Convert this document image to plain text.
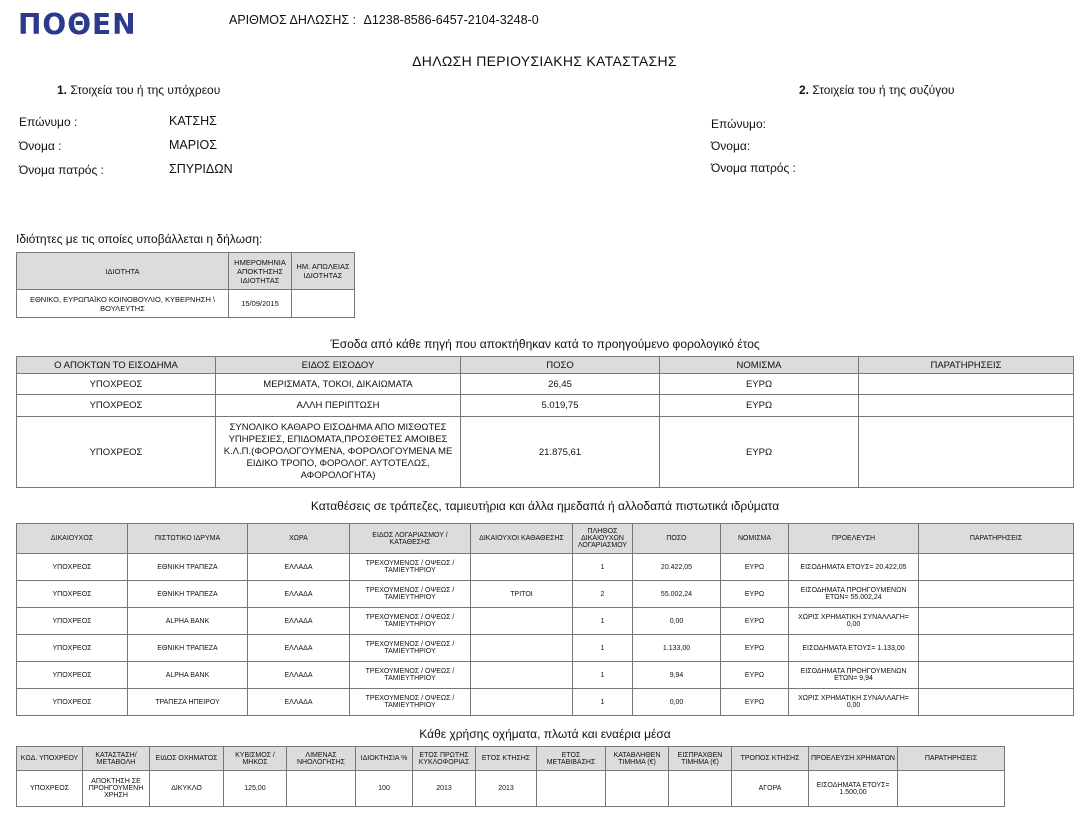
ΠΟΘΕΝ	ΑΡΙΘΜΟΣ ΔΗΛΩΣΗΣ : Δ1238-8586-6457-2104-3248-0
ΔΗΛΩΣΗ ΠΕΡΙΟΥΣΙΑΚΗΣ ΚΑΤΑΣΤΑΣΗΣ
1. Στοιχεία του ή της υπόχρεου
Επώνυμο :	ΚΑΤΣΗΣ
Όνομα :	ΜΑΡΙΟΣ
Όνομα πατρός :	ΣΠΥΡΙΔΩΝ
2. Στοιχεία του ή της συζύγου
Επώνυμο:
Όνομα:
Όνομα πατρός :
Ιδιότητες με τις οποίες υποβάλλεται η δήλωση:
ΙΔΙΟΤΗΤΑ	ΗΜΕΡΟΜΗΝΙΑ ΑΠΟΚΤΗΣΗΣ ΙΔΙΟΤΗΤΑΣ	ΗΜ. ΑΠΩΛΕΙΑΣ ΙΔΙΟΤΗΤΑΣ
ΕΘΝΙΚΟ, ΕΥΡΩΠΑΪΚΟ ΚΟΙΝΟΒΟΥΛΙΟ, ΚΥΒΕΡΝΗΣΗ \ ΒΟΥΛΕΥΤΗΣ	15/09/2015	
Έσοδα από κάθε πηγή που αποκτήθηκαν κατά το προηγούμενο φορολογικό έτος
Ο ΑΠΟΚΤΩΝ ΤΟ ΕΙΣΟΔΗΜΑ	ΕΙΔΟΣ ΕΙΣΟΔΟΥ	ΠΟΣΟ	ΝΟΜΙΣΜΑ	ΠΑΡΑΤΗΡΗΣΕΙΣ
ΥΠΟΧΡΕΟΣ	ΜΕΡΙΣΜΑΤΑ, ΤΟΚΟΙ, ΔΙΚΑΙΩΜΑΤΑ	26,45	ΕΥΡΩ	
ΥΠΟΧΡΕΟΣ	ΑΛΛΗ ΠΕΡΙΠΤΩΣΗ	5.019,75	ΕΥΡΩ	
ΥΠΟΧΡΕΟΣ	ΣΥΝΟΛΙΚΟ ΚΑΘΑΡΟ ΕΙΣΟΔΗΜΑ ΑΠΟ ΜΙΣΘΩΤΕΣ ΥΠΗΡΕΣΙΕΣ, ΕΠΙΔΟΜΑΤΑ,ΠΡΟΣΘΕΤΕΣ ΑΜΟΙΒΕΣ Κ.Λ.Π.(ΦΟΡΟΛΟΓΟΥΜΕΝΑ, ΦΟΡΟΛΟΓΟΥΜΕΝΑ ΜΕ ΕΙΔΙΚΟ ΤΡΟΠΟ, ΦΟΡΟΛΟΓ. ΑΥΤΟΤΕΛΩΣ, ΑΦΟΡΟΛΟΓΗΤΑ)	21.875,61	ΕΥΡΩ	
Καταθέσεις σε τράπεζες, ταμιευτήρια και άλλα ημεδαπά ή αλλοδαπά πιστωτικά ιδρύματα
ΔΙΚΑΙΟΥΧΟΣ	ΠΙΣΤΩΤΙΚΟ ΙΔΡΥΜΑ	ΧΩΡΑ	ΕΙΔΟΣ ΛΟΓΑΡΙΑΣΜΟΥ / ΚΑΤΑΘΕΣΗΣ	ΔΙΚΑΙΟΥΧΟΙ ΚΑΘΑΘΕΣΗΣ	ΠΛΗΘΟΣ ΔΙΚΑΙΟΥΧΩΝ ΛΟΓΑΡΙΑΣΜΟΥ	ΠΟΣΟ	ΝΟΜΙΣΜΑ	ΠΡΟΕΛΕΥΣΗ	ΠΑΡΑΤΗΡΗΣΕΙΣ
ΥΠΟΧΡΕΟΣ	ΕΘΝΙΚΗ ΤΡΑΠΕΖΑ	ΕΛΛΑΔΑ	ΤΡΕΧΟΥΜΕΝΟΣ / ΟΨΕΩΣ / ΤΑΜΙΕΥΤΗΡΙΟΥ		1	20.422,05	ΕΥΡΩ	ΕΙΣΟΔΗΜΑΤΑ ΕΤΟΥΣ= 20.422,05	
ΥΠΟΧΡΕΟΣ	ΕΘΝΙΚΗ ΤΡΑΠΕΖΑ	ΕΛΛΑΔΑ	ΤΡΕΧΟΥΜΕΝΟΣ / ΟΨΕΩΣ / ΤΑΜΙΕΥΤΗΡΙΟΥ	ΤΡΙΤΟΙ	2	55.002,24	ΕΥΡΩ	ΕΙΣΟΔΗΜΑΤΑ ΠΡΟΗΓΟΥΜΕΝΩΝ ΕΤΩΝ= 55.002,24	
ΥΠΟΧΡΕΟΣ	ALPHA BANK	ΕΛΛΑΔΑ	ΤΡΕΧΟΥΜΕΝΟΣ / ΟΨΕΩΣ / ΤΑΜΙΕΥΤΗΡΙΟΥ		1	0,00	ΕΥΡΩ	ΧΩΡΙΣ ΧΡΗΜΑΤΙΚΗ ΣΥΝΑΛΛΑΓΗ= 0,00	
ΥΠΟΧΡΕΟΣ	ΕΘΝΙΚΗ ΤΡΑΠΕΖΑ	ΕΛΛΑΔΑ	ΤΡΕΧΟΥΜΕΝΟΣ / ΟΨΕΩΣ / ΤΑΜΙΕΥΤΗΡΙΟΥ		1	1.133,00	ΕΥΡΩ	ΕΙΣΟΔΗΜΑΤΑ ΕΤΟΥΣ= 1.133,00	
ΥΠΟΧΡΕΟΣ	ALPHA BANK	ΕΛΛΑΔΑ	ΤΡΕΧΟΥΜΕΝΟΣ / ΟΨΕΩΣ / ΤΑΜΙΕΥΤΗΡΙΟΥ		1	9,94	ΕΥΡΩ	ΕΙΣΟΔΗΜΑΤΑ ΠΡΟΗΓΟΥΜΕΝΩΝ ΕΤΩΝ= 9,94	
ΥΠΟΧΡΕΟΣ	ΤΡΑΠΕΖΑ ΗΠΕΙΡΟΥ	ΕΛΛΑΔΑ	ΤΡΕΧΟΥΜΕΝΟΣ / ΟΨΕΩΣ / ΤΑΜΙΕΥΤΗΡΙΟΥ		1	0,00	ΕΥΡΩ	ΧΩΡΙΣ ΧΡΗΜΑΤΙΚΗ ΣΥΝΑΛΛΑΓΗ= 0,00	
Κάθε χρήσης οχήματα, πλωτά και εναέρια μέσα
ΚΩΔ. ΥΠΟΧΡΕΟΥ	ΚΑΤΑΣΤΑΣΗ/ ΜΕΤΑΒΟΛΗ	ΕΙΔΟΣ ΟΧΗΜΑΤΟΣ	ΚΥΒΙΣΜΟΣ / ΜΗΚΟΣ	ΛΙΜΕΝΑΣ ΝΗΟΛΟΓΗΣΗΣ	ΙΔΙΟΚΤΗΣΙΑ %	ΕΤΟΣ ΠΡΩΤΗΣ ΚΥΚΛΟΦΟΡΙΑΣ	ΕΤΟΣ ΚΤΗΣΗΣ	ΕΤΟΣ ΜΕΤΑΒΙΒΑΣΗΣ	ΚΑΤΑΒΛΗΘΕΝ ΤΙΜΗΜΑ (€)	ΕΙΣΠΡΑΧΘΕΝ ΤΙΜΗΜΑ (€)	ΤΡΟΠΟΣ ΚΤΗΣΗΣ	ΠΡΟΕΛΕΥΣΗ ΧΡΗΜΑΤΩΝ	ΠΑΡΑΤΗΡΗΣΕΙΣ
ΥΠΟΧΡΕΟΣ	ΑΠΟΚΤΗΣΗ ΣΕ ΠΡΟΗΓΟΥΜΕΝΗ ΧΡΗΣΗ	ΔΙΚΥΚΛΟ	125,00		100	2013	2013				ΑΓΟΡΑ	ΕΙΣΟΔΗΜΑΤΑ ΕΤΟΥΣ= 1.500,00	
